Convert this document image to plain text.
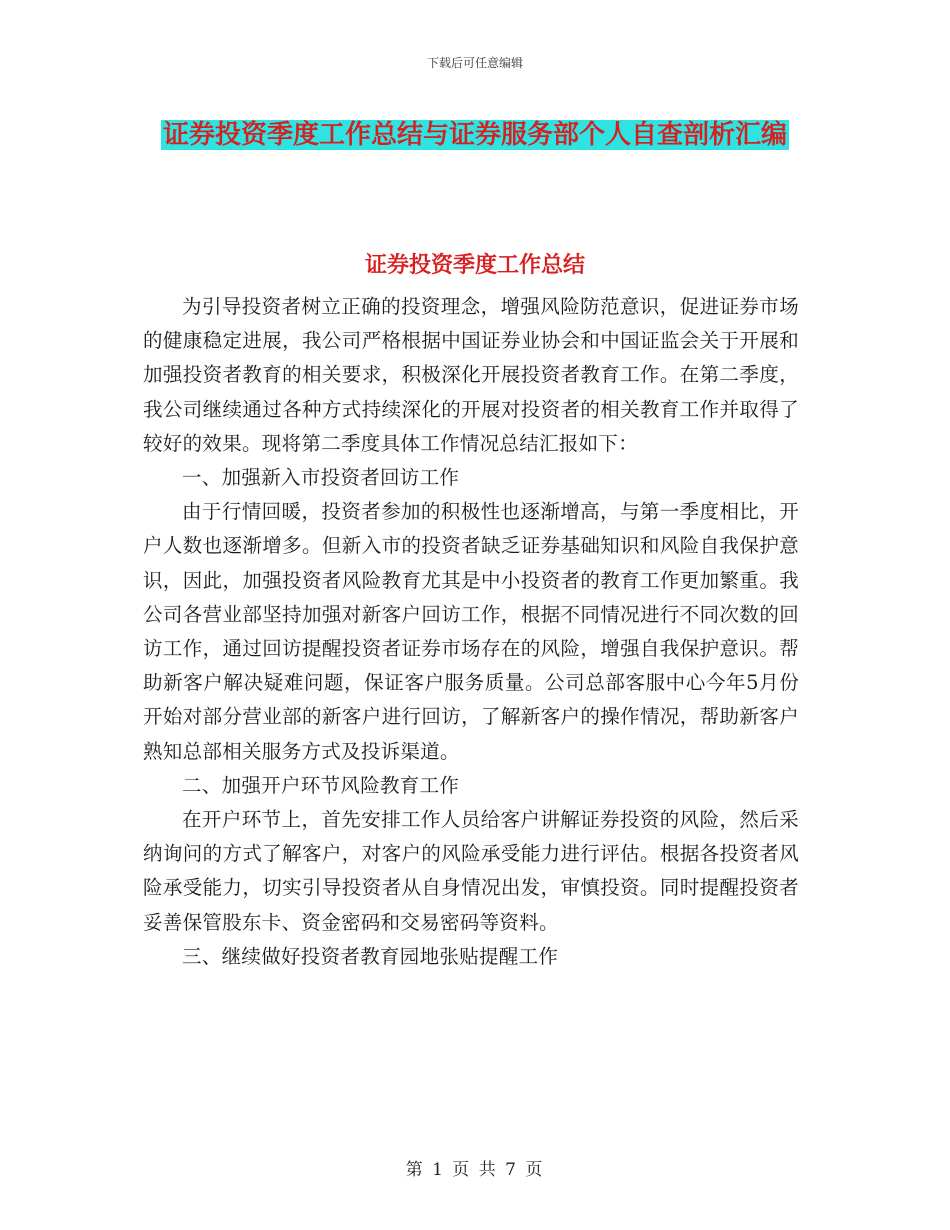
下载后可任意编辑
证券投资季度工作总结与证券服务部个人自查剖析汇编
证券投资季度工作总结

为引导投资者树立正确的投资理念，增强风险防范意识，促进证券市场的健康稳定进展，我公司严格根据中国证券业协会和中国证监会关于开展和加强投资者教育的相关要求，积极深化开展投资者教育工作。在第二季度，我公司继续通过各种方式持续深化的开展对投资者的相关教育工作并取得了较好的效果。现将第二季度具体工作情况总结汇报如下：

一、加强新入市投资者回访工作

由于行情回暖，投资者参加的积极性也逐渐增高，与第一季度相比，开户人数也逐渐增多。但新入市的投资者缺乏证券基础知识和风险自我保护意识，因此，加强投资者风险教育尤其是中小投资者的教育工作更加繁重。我公司各营业部坚持加强对新客户回访工作，根据不同情况进行不同次数的回访工作，通过回访提醒投资者证券市场存在的风险，增强自我保护意识。帮助新客户解决疑难问题，保证客户服务质量。公司总部客服中心今年5月份开始对部分营业部的新客户进行回访，了解新客户的操作情况，帮助新客户熟知总部相关服务方式及投诉渠道。

二、加强开户环节风险教育工作

在开户环节上，首先安排工作人员给客户讲解证券投资的风险，然后采纳询问的方式了解客户，对客户的风险承受能力进行评估。根据各投资者风险承受能力，切实引导投资者从自身情况出发，审慎投资。同时提醒投资者妥善保管股东卡、资金密码和交易密码等资料。

三、继续做好投资者教育园地张贴提醒工作

第 1 页 共 7 页
